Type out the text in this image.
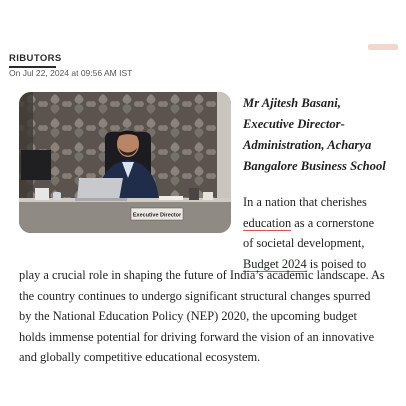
RIBUTORS
On Jul 22, 2024 at 09:56 AM IST
Executive Director
Mr Ajitesh Basani,
Executive Director-
Administration, Acharya
Bangalore Business School
In a nation that cherishes
education as a cornerstone
of societal development,
Budget 2024 is poised to
play a crucial role in shaping the future of India’s academic landscape. As
the country continues to undergo significant structural changes spurred
by the National Education Policy (NEP) 2020, the upcoming budget
holds immense potential for driving forward the vision of an innovative
and globally competitive educational ecosystem.
